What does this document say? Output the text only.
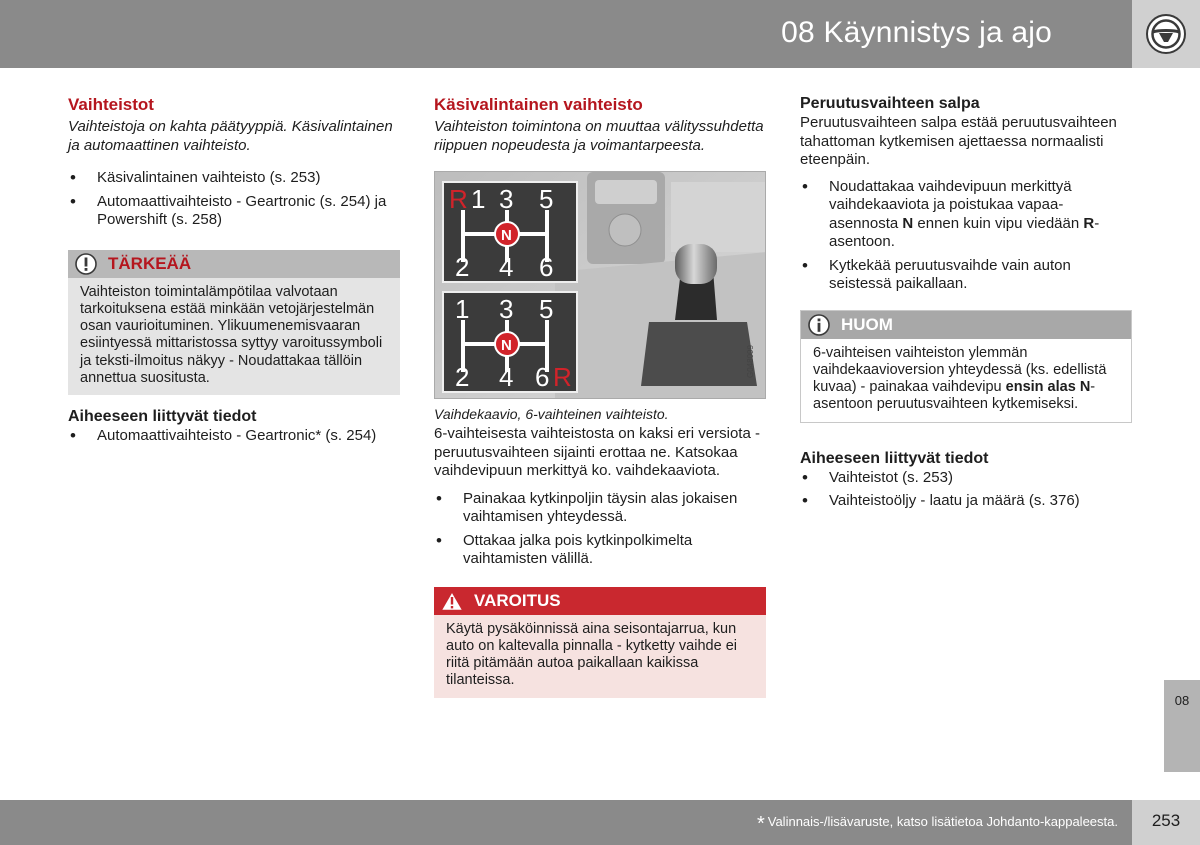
08 Käynnistys ja ajo
Vaihteistot

Vaihteistoja on kahta päätyyppiä. Käsivalintainen ja automaattinen vaihteisto.

• Käsivalintainen vaihteisto (s. 253)
• Automaattivaihteisto - Geartronic (s. 254) ja Powershift (s. 258)
TÄRKEÄÄ
Vaihteiston toimintalämpötilaa valvotaan tarkoituksena estää minkään vetojärjestelmän osan vaurioituminen. Ylikuumenemisvaaran esiintyessä mittaristossa syttyy varoitussymboli ja teksti-ilmoitus näkyy - Noudattakaa tällöin annettua suositusta.
Aiheeseen liittyvät tiedot
• Automaattivaihteisto - Geartronic* (s. 254)
Käsivalintainen vaihteisto

Vaihteiston toimintona on muuttaa välityssuhdetta riippuen nopeudesta ja voimantarpeesta.

G048099
R 1 3 5
2 4 6
N
1 3 5
2 4 6 R
N

Vaihdekaavio, 6-vaihteinen vaihteisto.

6-vaihteisesta vaihteistosta on kaksi eri versiota - peruutusvaihteen sijainti erottaa ne. Katsokaa vaihdevipuun merkittyä ko. vaihdekaaviota.

• Painakaa kytkinpoljin täysin alas jokaisen vaihtamisen yhteydessä.
• Ottakaa jalka pois kytkinpolkimelta vaihtamisten välillä.
VAROITUS
Käytä pysäköinnissä aina seisontajarrua, kun auto on kaltevalla pinnalla - kytketty vaihde ei riitä pitämään autoa paikallaan kaikissa tilanteissa.
Peruutusvaihteen salpa

Peruutusvaihteen salpa estää peruutusvaihteen tahattoman kytkemisen ajettaessa normaalisti eteenpäin.

• Noudattakaa vaihdevipuun merkittyä vaihdekaaviota ja poistukaa vapaa-asennosta N ennen kuin vipu viedään R-asentoon.
• Kytkekää peruutusvaihde vain auton seistessä paikallaan.
HUOM
6-vaihteisen vaihteiston ylemmän vaihdekaavioversion yhteydessä (ks. edellistä kuvaa) - painakaa vaihdevipu ensin alas N-asentoon peruutusvaihteen kytkemiseksi.
Aiheeseen liittyvät tiedot
• Vaihteistot (s. 253)
• Vaihteistoöljy - laatu ja määrä (s. 376)
08
* Valinnais-/lisävaruste, katso lisätietoa Johdanto-kappaleesta.	253
